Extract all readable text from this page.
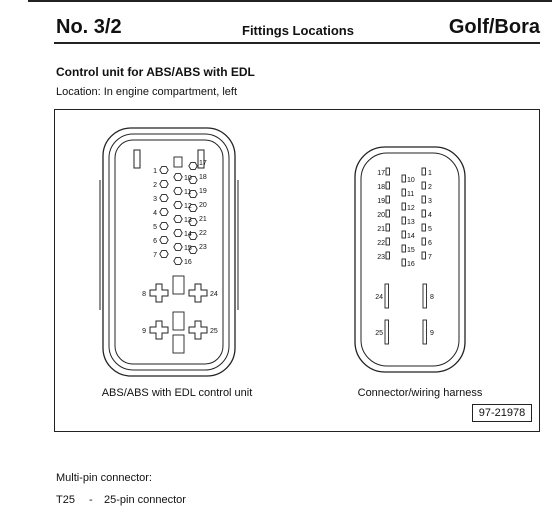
No. 3/2	Fittings Locations	Golf/Bora
Control unit for ABS/ABS with EDL
Location: In engine compartment, left
1
2
3
4
5
6
7
17
18
19
20
21
22
23
10
11
12
13
14
15
16
8	24
9	25
17
18
19
20
21
22
23
10
11
12
13
14
15
16
1
2
3
4
5
6
7
24
25
8
9
ABS/ABS with EDL control unit	Connector/wiring harness
97-21978
Multi-pin connector:
T25 - 25-pin connector
